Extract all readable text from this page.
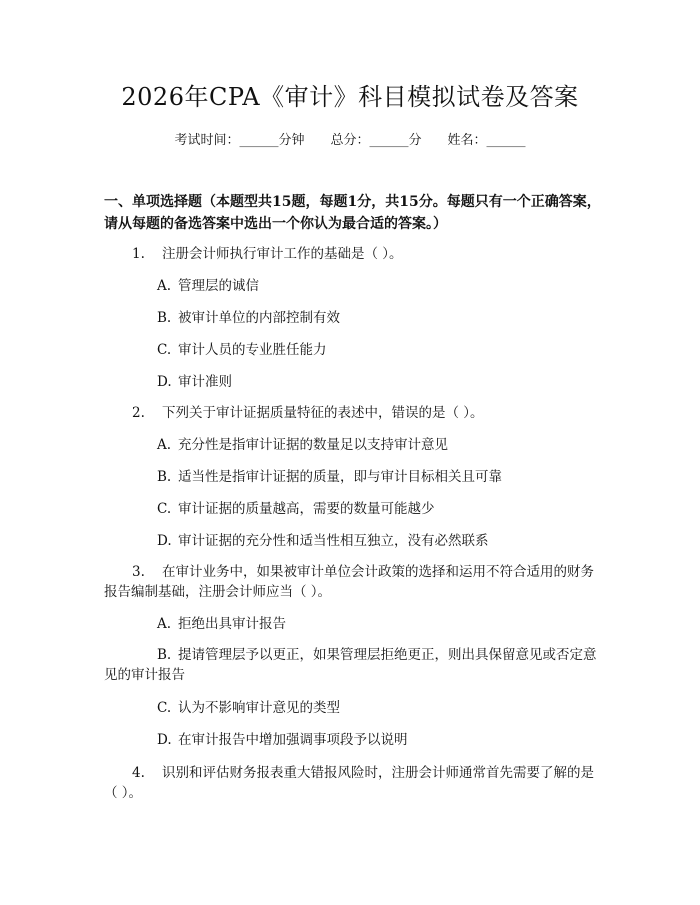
2026年CPA《审计》科目模拟试卷及答案
考试时间：______分钟 总分：______分 姓名：______
一、单项选择题（本题型共15题，每题1分，共15分。每题只有一个正确答案，请从每题的备选答案中选出一个你认为最合适的答案。）
1. 注册会计师执行审计工作的基础是（ ）。
A. 管理层的诚信
B. 被审计单位的内部控制有效
C. 审计人员的专业胜任能力
D. 审计准则
2. 下列关于审计证据质量特征的表述中，错误的是（ ）。
A. 充分性是指审计证据的数量足以支持审计意见
B. 适当性是指审计证据的质量，即与审计目标相关且可靠
C. 审计证据的质量越高，需要的数量可能越少
D. 审计证据的充分性和适当性相互独立，没有必然联系
3. 在审计业务中，如果被审计单位会计政策的选择和运用不符合适用的财务报告编制基础，注册会计师应当（ ）。
A. 拒绝出具审计报告
B. 提请管理层予以更正，如果管理层拒绝更正，则出具保留意见或否定意见的审计报告
C. 认为不影响审计意见的类型
D. 在审计报告中增加强调事项段予以说明
4. 识别和评估财务报表重大错报风险时，注册会计师通常首先需要了解的是（ ）。
